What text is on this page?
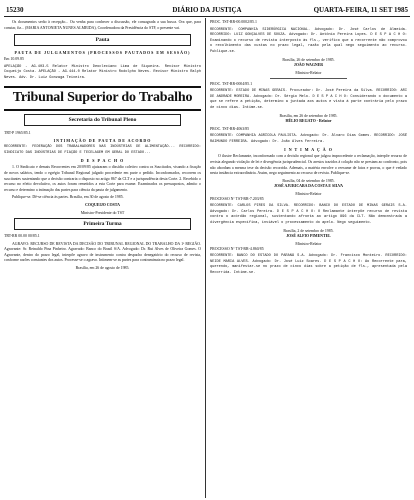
15230	DIÁRIO DA JUSTIÇA	QUARTA-FEIRA, 11 SET 1985

Os documentos serão à recepção... Ou venha para conhecer a discussão, ele consagrada a sua busca. Ora que, para constar, fiz... (MARIA ANTONIETA NUNES ALMEIDA), Coordenadora da Presidência do STF, o presente vai.

Pauta
PAUTA DE JULGAMENTOS (PROCESSOS PAUTADOS EM SESSÃO)

Em 10.09.85

APELAÇÃO - AG.403-5 Relator Ministro Deocleciano Lima de Siqueira. Revisor Ministro Coqueijo Costa. APELAÇÃO - AG.444-0 Relator Ministro Rodolpho Neves. Revisor Ministro Ralph Neves. Adv. Dr. Luiz Gonzaga Teixeira.

Tribunal Superior do Trabalho
Secretaria do Tribunal Pleno

TRT-P 1965/85.1

INTIMAÇÃO DE PAUTA DE ACORDO

RECORRENTE: FEDERAÇÃO DOS TRABALHADORES NAS INDÚSTRIAS DE ALIMENTAÇÃO... RECORRIDO: SINDICATO DAS INDÚSTRIAS DE FIAÇÃO E TECELAGEM EM GERAL DO ESTADO...

D E S P A C H O

1. O Sindicato e demais Recorrentes em 20/09/85 ajuizaram o dissídio coletivo contra os Suscitados, visando a fixação de novos salários, tendo o egrégio Tribunal Regional julgado procedente em parte o pedido. Inconformados, recorrem os suscitantes sustentando que a decisão contraria o disposto no artigo 867 da CLT e a jurisprudência desta Corte. 2. Recebido o recurso no efeito devolutivo, os autos foram remetidos a esta Corte para exame. Examinados os pressupostos, admito o recurso e determino a intimação das partes para ciência da pauta de julgamento.

Publique-se. Dê-se ciência às partes. Brasília, em 30 de agosto de 1985.

COQUEIJO COSTA
Ministro-Presidente do TST
Primeira Turma

TRT-RR 00.00 00/85.1

AGRAVO: RECURSO DE REVISTA DA DECISÃO DO TRIBUNAL REGIONAL DO TRABALHO DA 1ª REGIÃO. Agravante: Sr. Reinaldo Pina Pinheiro. Agravado: Banco do Brasil S/A. Advogado: Dr. Rui Alves de Oliveira Gomes. O Agravante, dentro do prazo legal, interpõe agravo de instrumento contra despacho denegatório do recurso de revista, conforme razões constantes dos autos. Processe-se o agravo. Intimem-se as partes para contraminuta no prazo legal.

Brasília, em 26 de agosto de 1985.

PROC. TST-RR-00.0002/85.1

RECORRENTE: COMPANHIA SIDERÚRGICA NACIONAL. Advogado: Dr. José Carlos de Almeida. RECORRIDO: LUIZ GONÇALVES DE SOUZA. Advogado: Dr. Antônio Pereira Lopes. D E S P A C H O: Examinando o recurso de revista interposto às fls., verifico que a recorrente não comprovou o recolhimento das custas no prazo legal, razão pela qual nego seguimento ao recurso. Publique-se.

Brasília, 26 de setembro de 1985.
JOÃO WAGNER
Ministro-Relator

PROC. TST-RR-0004/85.1

RECORRENTE: ESTADO DE MINAS GERAIS. Procurador: Dr. José Pereira da Silva. RECORRIDO: ARI DE ANDRADE MOREIRA. Advogado: Dr. Sérgio Melo. D E S P A C H O: Considerando o documento a que se refere a petição, determino a juntada aos autos e vista à parte contrária pelo prazo de cinco dias. Intime-se.

Brasília, em 26 de setembro de 1985.
HÉLIO REGATO - Relator

PROC. TST-RR-4063/85

RECORRENTE: COMPANHIA AGRÍCOLA PAULISTA. Advogado: Dr. Álvaro Dias Gomes. RECORRIDO: JOSÉ RAIMUNDO FERREIRA. Advogado: Dr. João Alves Ferreira.

I N T I M A Ç Ã O

O ilustre Reclamante, inconformado com a decisão regional que julgou improcedente a reclamação, interpõe recurso de revista alegando violação de lei e divergência jurisprudencial. Os arestos trazidos à colação não se prestam ao confronto, pois não abordam a mesma tese da decisão recorrida. Ademais, a matéria envolve o reexame de fatos e provas, o que é vedado nesta instância extraordinária. Assim, nego seguimento ao recurso de revista. Publique-se.

Brasília, 04 de setembro de 1985.
JOSÉ AJURICABA DA COSTA E SILVA
Ministro-Relator

PROCESSO Nº TST-RR-7.203/85

RECORRENTE: CARLOS PIRES DA SILVA. RECORRIDO: BANCO DO ESTADO DE MINAS GERAIS S.A. Advogado: Dr. Carlos Pereira. D E S P A C H O: O Reclamante interpõe recurso de revista contra o acórdão regional, sustentando afronta ao artigo 896 da CLT. Não demonstrada a divergência específica, inviável o processamento do apelo. Nego seguimento.

Brasília, 2 de setembro de 1985.
JOSÉ ALFIO PIMENTEL
Ministro-Relator

PROCESSO Nº TST-RR-4.860/85

RECORRENTE: BANCO DO ESTADO DO PARANÁ S.A. Advogado: Dr. Francisco Monteiro. RECORRIDO: NEIDE MARIA ALVES. Advogado: Dr. José Luiz Soares. D E S P A C H O: Ao Recorrente para, querendo, manifestar-se no prazo de cinco dias sobre a petição de fls., apresentada pela Recorrida. Intime-se.
